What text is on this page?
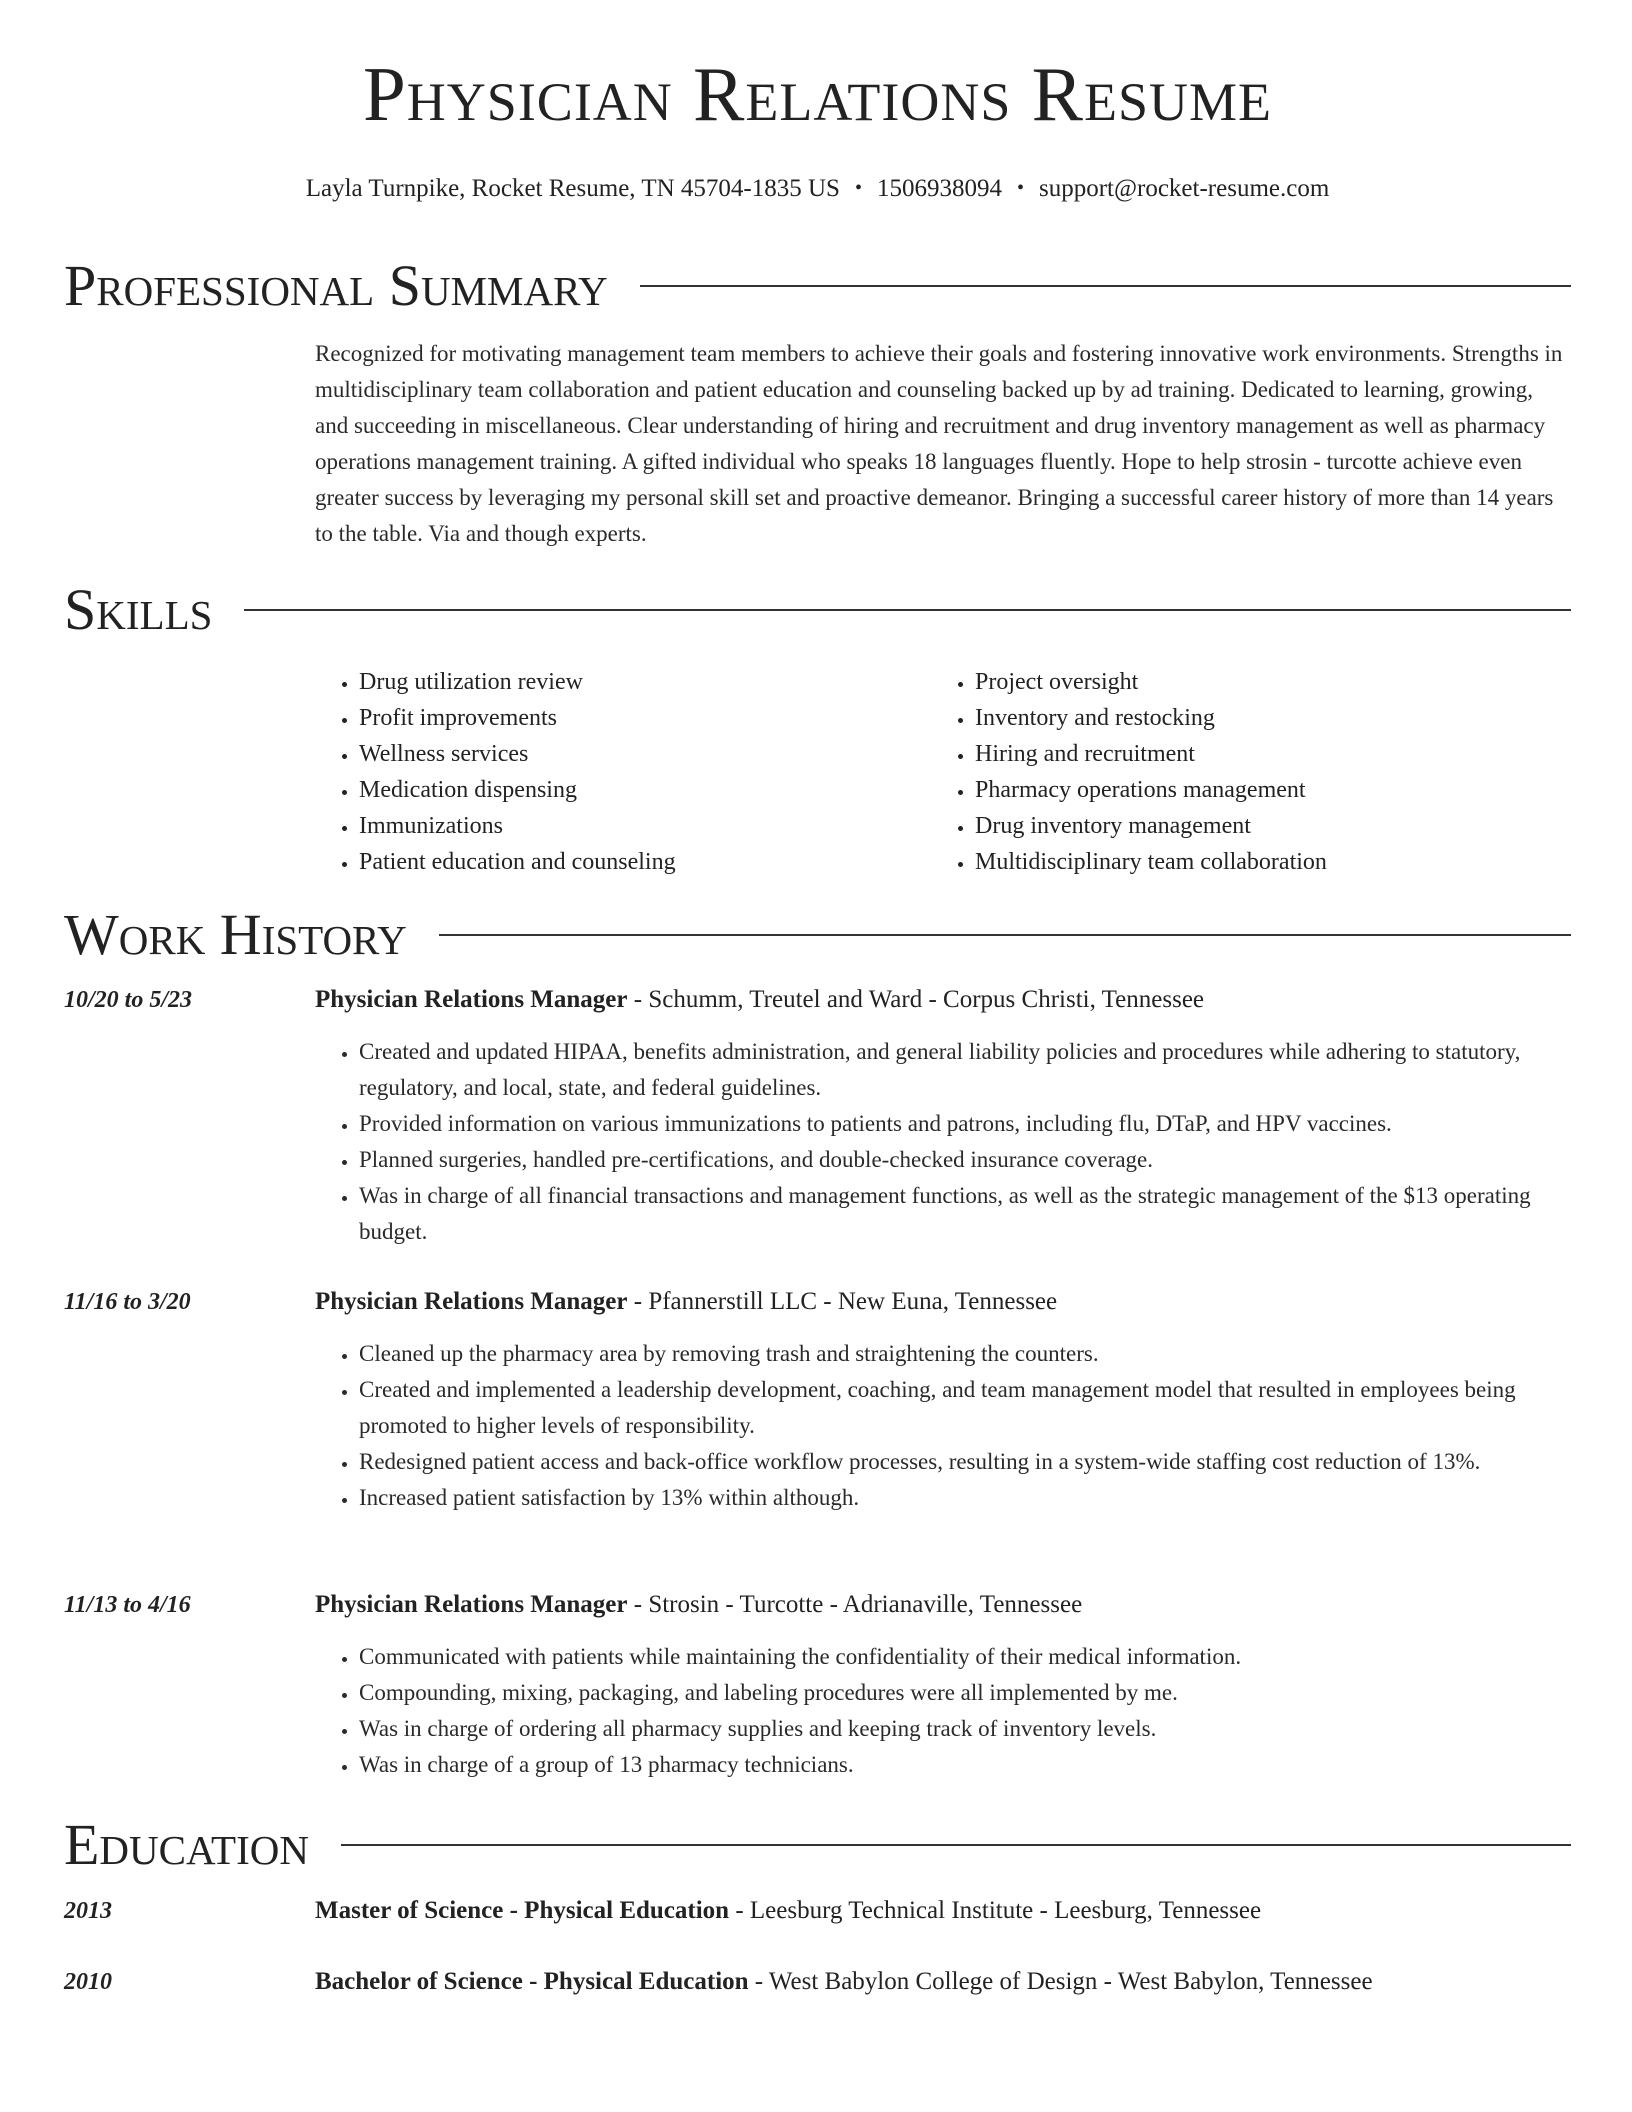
Physician Relations Resume
Layla Turnpike, Rocket Resume, TN 45704-1835 US • 1506938094 • support@rocket-resume.com
Professional Summary

Recognized for motivating management team members to achieve their goals and fostering innovative work environments. Strengths in multidisciplinary team collaboration and patient education and counseling backed up by ad training. Dedicated to learning, growing, and succeeding in miscellaneous. Clear understanding of hiring and recruitment and drug inventory management as well as pharmacy operations management training. A gifted individual who speaks 18 languages fluently. Hope to help strosin - turcotte achieve even greater success by leveraging my personal skill set and proactive demeanor. Bringing a successful career history of more than 14 years to the table. Via and though experts.

Skills
• Drug utilization review
• Profit improvements
• Wellness services
• Medication dispensing
• Immunizations
• Patient education and counseling
• Project oversight
• Inventory and restocking
• Hiring and recruitment
• Pharmacy operations management
• Drug inventory management
• Multidisciplinary team collaboration
Work History
10/20 to 5/23	Physician Relations Manager - Schumm, Treutel and Ward - Corpus Christi, Tennessee
• Created and updated HIPAA, benefits administration, and general liability policies and procedures while adhering to statutory, regulatory, and local, state, and federal guidelines.
• Provided information on various immunizations to patients and patrons, including flu, DTaP, and HPV vaccines.
• Planned surgeries, handled pre-certifications, and double-checked insurance coverage.
• Was in charge of all financial transactions and management functions, as well as the strategic management of the $13 operating budget.
11/16 to 3/20	Physician Relations Manager - Pfannerstill LLC - New Euna, Tennessee
• Cleaned up the pharmacy area by removing trash and straightening the counters.
• Created and implemented a leadership development, coaching, and team management model that resulted in employees being promoted to higher levels of responsibility.
• Redesigned patient access and back-office workflow processes, resulting in a system-wide staffing cost reduction of 13%.
• Increased patient satisfaction by 13% within although.
11/13 to 4/16	Physician Relations Manager - Strosin - Turcotte - Adrianaville, Tennessee
• Communicated with patients while maintaining the confidentiality of their medical information.
• Compounding, mixing, packaging, and labeling procedures were all implemented by me.
• Was in charge of ordering all pharmacy supplies and keeping track of inventory levels.
• Was in charge of a group of 13 pharmacy technicians.
Education
2013	Master of Science - Physical Education - Leesburg Technical Institute - Leesburg, Tennessee
2010	Bachelor of Science - Physical Education - West Babylon College of Design - West Babylon, Tennessee
